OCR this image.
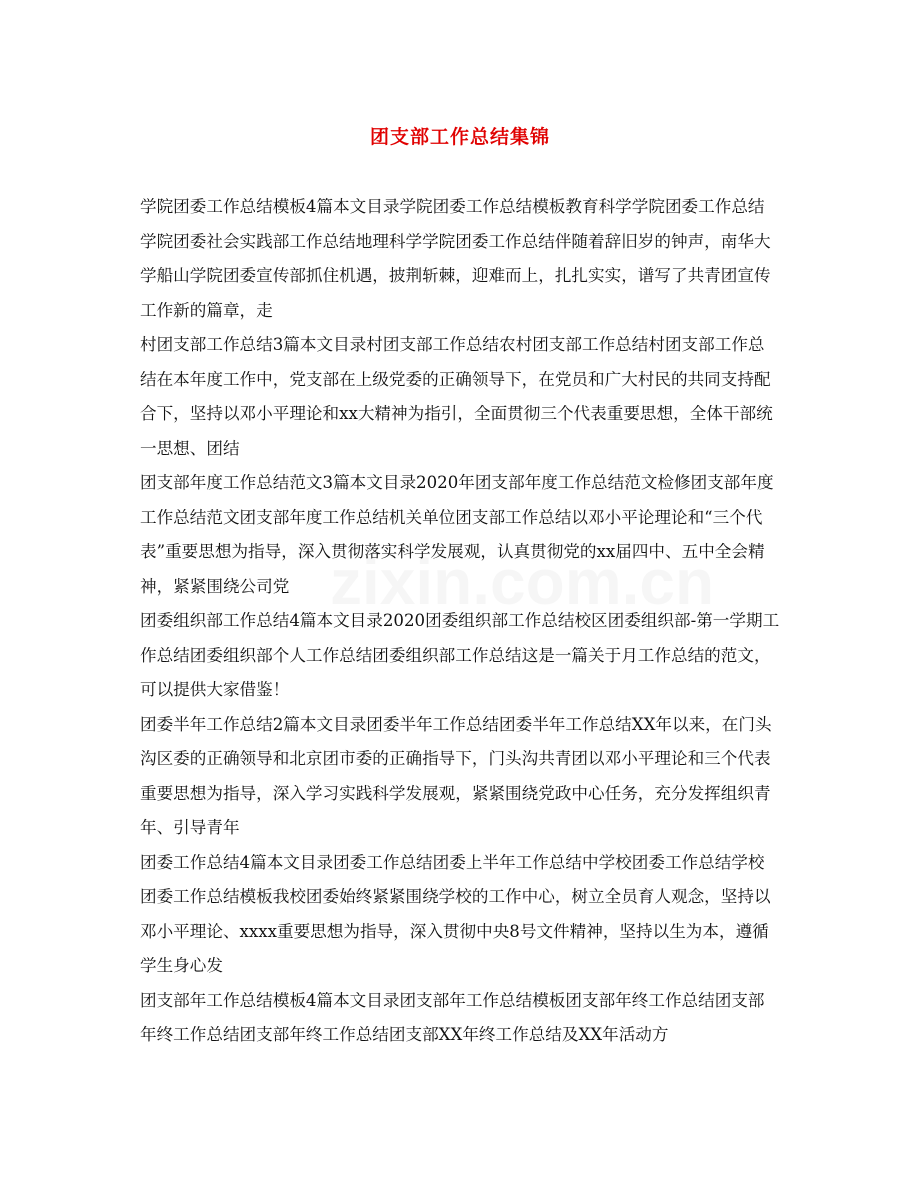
团支部工作总结集锦

学院团委工作总结模板4篇本文目录学院团委工作总结模板教育科学学院团委工作总结学院团委社会实践部工作总结地理科学学院团委工作总结伴随着辞旧岁的钟声，南华大学船山学院团委宣传部抓住机遇，披荆斩棘，迎难而上，扎扎实实，谱写了共青团宣传工作新的篇章，走

村团支部工作总结3篇本文目录村团支部工作总结农村团支部工作总结村团支部工作总结在本年度工作中，党支部在上级党委的正确领导下，在党员和广大村民的共同支持配合下，坚持以邓小平理论和xx大精神为指引，全面贯彻三个代表重要思想，全体干部统一思想、团结

团支部年度工作总结范文3篇本文目录2020年团支部年度工作总结范文检修团支部年度工作总结范文团支部年度工作总结机关单位团支部工作总结以邓小平论理论和“三个代表”重要思想为指导，深入贯彻落实科学发展观，认真贯彻党的xx届四中、五中全会精神，紧紧围绕公司党

团委组织部工作总结4篇本文目录2020团委组织部工作总结校区团委组织部-第一学期工作总结团委组织部个人工作总结团委组织部工作总结这是一篇关于月工作总结的范文，可以提供大家借鉴！

团委半年工作总结2篇本文目录团委半年工作总结团委半年工作总结XX年以来，在门头沟区委的正确领导和北京团市委的正确指导下，门头沟共青团以邓小平理论和三个代表重要思想为指导，深入学习实践科学发展观，紧紧围绕党政中心任务，充分发挥组织青年、引导青年

团委工作总结4篇本文目录团委工作总结团委上半年工作总结中学校团委工作总结学校团委工作总结模板我校团委始终紧紧围绕学校的工作中心，树立全员育人观念，坚持以邓小平理论、xxxx重要思想为指导，深入贯彻中央8号文件精神，坚持以生为本，遵循学生身心发

团支部年工作总结模板4篇本文目录团支部年工作总结模板团支部年终工作总结团支部年终工作总结团支部年终工作总结团支部XX年终工作总结及XX年活动方
